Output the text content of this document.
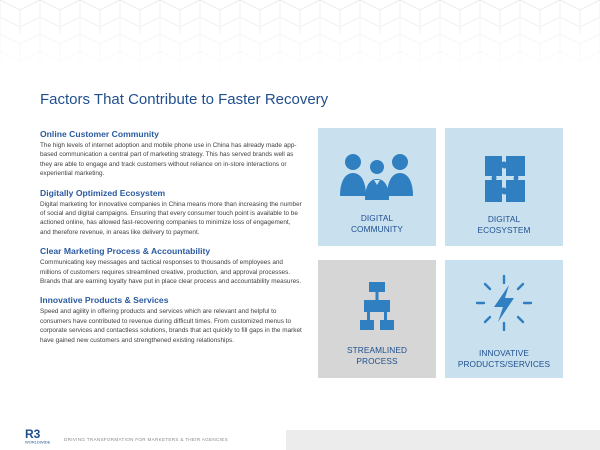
Factors That Contribute to Faster Recovery
Online Customer Community

The high levels of internet adoption and mobile phone use in China has already made app-based communication a central part of marketing strategy. This has served brands well as they are able to engage and track customers without reliance on in-store interactions or experiential marketing.

Digitally Optimized Ecosystem

Digital marketing for innovative companies in China means more than increasing the number of social and digital campaigns. Ensuring that every consumer touch point is available to be actioned online, has allowed fast-recovering companies to minimize loss of engagement, and therefore revenue, in areas like delivery to payment.

Clear Marketing Process & Accountability

Communicating key messages and tactical responses to thousands of employees and millions of customers requires streamlined creative, production, and approval processes. Brands that are earning loyalty have put in place clear process and accountability measures.

Innovative Products & Services

Speed and agility in offering products and services which are relevant and helpful to consumers have contributed to revenue during difficult times. From customized menus to corporate services and contactless solutions, brands that act quickly to fill gaps in the market have gained new customers and strengthened existing relationships.

DIGITAL
COMMUNITY
DIGITAL
ECOSYSTEM
STREAMLINED
PROCESS
INNOVATIVE
PRODUCTS/SERVICES
R3
WORLDWIDE	DRIVING TRANSFORMATION FOR MARKETERS & THEIR AGENCIES
